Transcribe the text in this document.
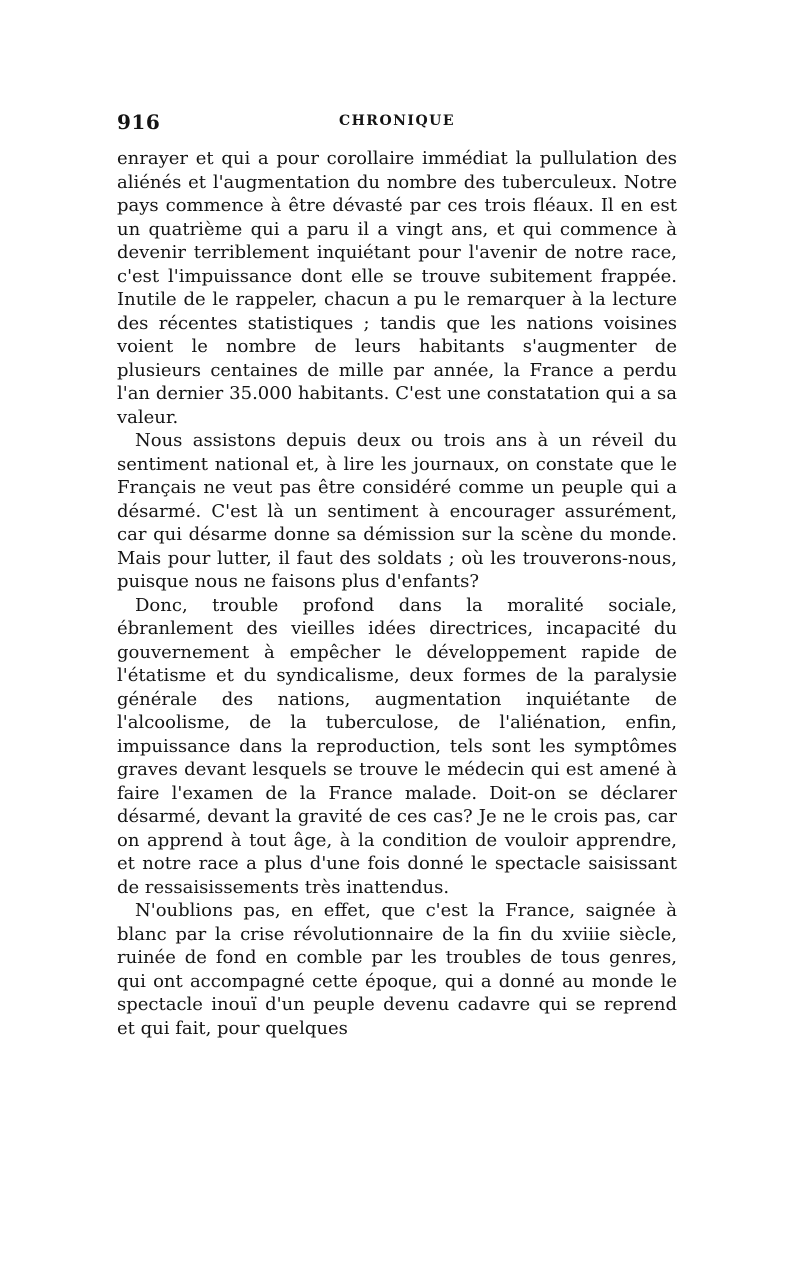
916	CHRONIQUE

enrayer et qui a pour corollaire immédiat la pullulation des aliénés et l'augmentation du nombre des tuberculeux. Notre pays commence à être dévasté par ces trois fléaux. Il en est un quatrième qui a paru il a vingt ans, et qui commence à devenir terriblement inquiétant pour l'avenir de notre race, c'est l'impuissance dont elle se trouve subitement frappée. Inutile de le rappeler, chacun a pu le remarquer à la lecture des récentes statistiques ; tandis que les nations voisines voient le nombre de leurs habitants s'augmenter de plusieurs centaines de mille par année, la France a perdu l'an dernier 35.000 habitants. C'est une constatation qui a sa valeur.

Nous assistons depuis deux ou trois ans à un réveil du sentiment national et, à lire les journaux, on constate que le Français ne veut pas être considéré comme un peuple qui a désarmé. C'est là un sentiment à encourager assurément, car qui désarme donne sa démission sur la scène du monde. Mais pour lutter, il faut des soldats ; où les trouverons-nous, puisque nous ne faisons plus d'enfants?

Donc, trouble profond dans la moralité sociale, ébranlement des vieilles idées directrices, incapacité du gouvernement à empêcher le développement rapide de l'étatisme et du syndicalisme, deux formes de la paralysie générale des nations, augmentation inquiétante de l'alcoolisme, de la tuberculose, de l'aliénation, enfin, impuissance dans la reproduction, tels sont les symptômes graves devant lesquels se trouve le médecin qui est amené à faire l'examen de la France malade. Doit-on se déclarer désarmé, devant la gravité de ces cas? Je ne le crois pas, car on apprend à tout âge, à la condition de vouloir apprendre, et notre race a plus d'une fois donné le spectacle saisissant de ressaisissements très inattendus.

N'oublions pas, en effet, que c'est la France, saignée à blanc par la crise révolutionnaire de la fin du xviiie siècle, ruinée de fond en comble par les troubles de tous genres, qui ont accompagné cette époque, qui a donné au monde le spectacle inouï d'un peuple devenu cadavre qui se reprend et qui fait, pour quelques
